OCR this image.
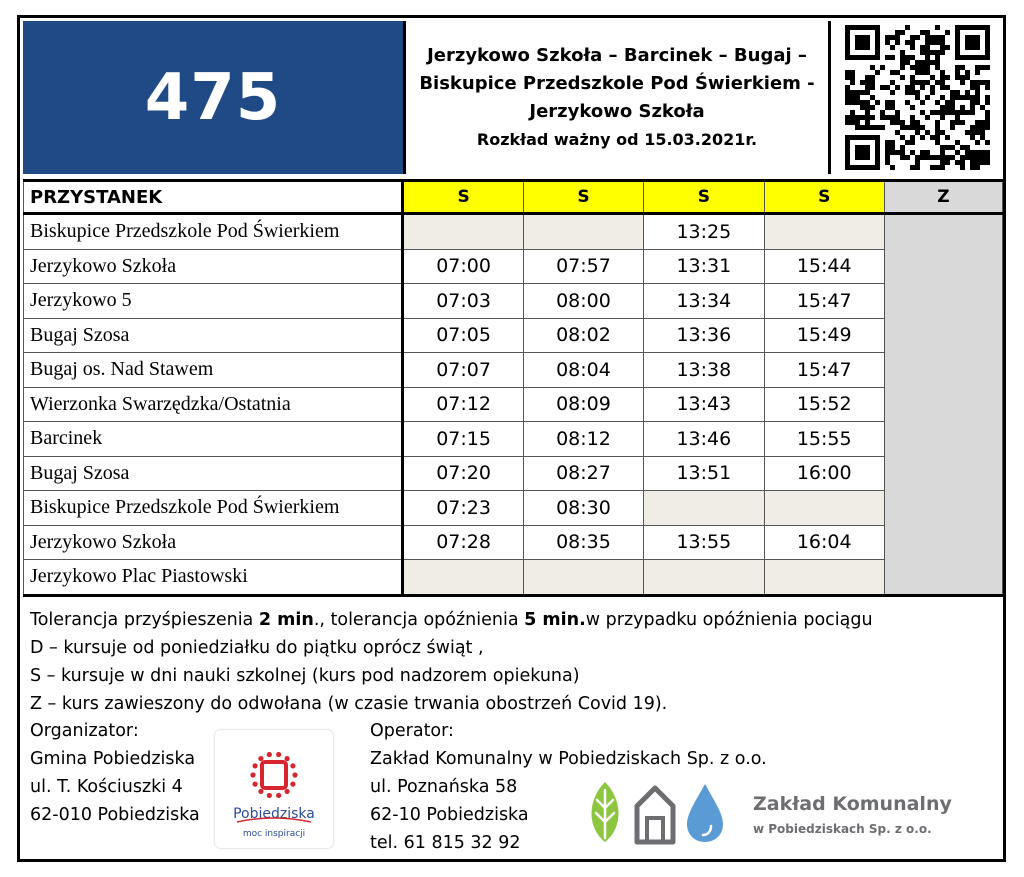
475
Jerzykowo Szkoła – Barcinek – Bugaj –
Biskupice Przedszkole Pod Świerkiem -
Jerzykowo Szkoła
Rozkład ważny od 15.03.2021r.
PRZYSTANEK	S	S	S	S	Z
Biskupice Przedszkole Pod Świerkiem			13:25		
Jerzykowo Szkoła	07:00	07:57	13:31	15:44	
Jerzykowo 5	07:03	08:00	13:34	15:47	
Bugaj Szosa	07:05	08:02	13:36	15:49	
Bugaj os. Nad Stawem	07:07	08:04	13:38	15:47	
Wierzonka Swarzędzka/Ostatnia	07:12	08:09	13:43	15:52	
Barcinek	07:15	08:12	13:46	15:55	
Bugaj Szosa	07:20	08:27	13:51	16:00	
Biskupice Przedszkole Pod Świerkiem	07:23	08:30			
Jerzykowo Szkoła	07:28	08:35	13:55	16:04	
Jerzykowo Plac Piastowski					
Tolerancja przyśpieszenia 2 min., tolerancja opóźnienia 5 min.w przypadku opóźnienia pociągu
D – kursuje od poniedziałku do piątku oprócz świąt ,
S – kursuje w dni nauki szkolnej (kurs pod nadzorem opiekuna)
Z – kurs zawieszony do odwołana (w czasie trwania obostrzeń Covid 19).
Organizator:
Gmina Pobiedziska
ul. T. Kościuszki 4
62-010 Pobiedziska Pobiedziska
moc inspiracji
Operator:
Zakład Komunalny w Pobiedziskach Sp. z o.o.
ul. Poznańska 58
62-10 Pobiedziska
tel. 61 815 32 92
Zakład Komunalny
w Pobiedziskach Sp. z o.o.
